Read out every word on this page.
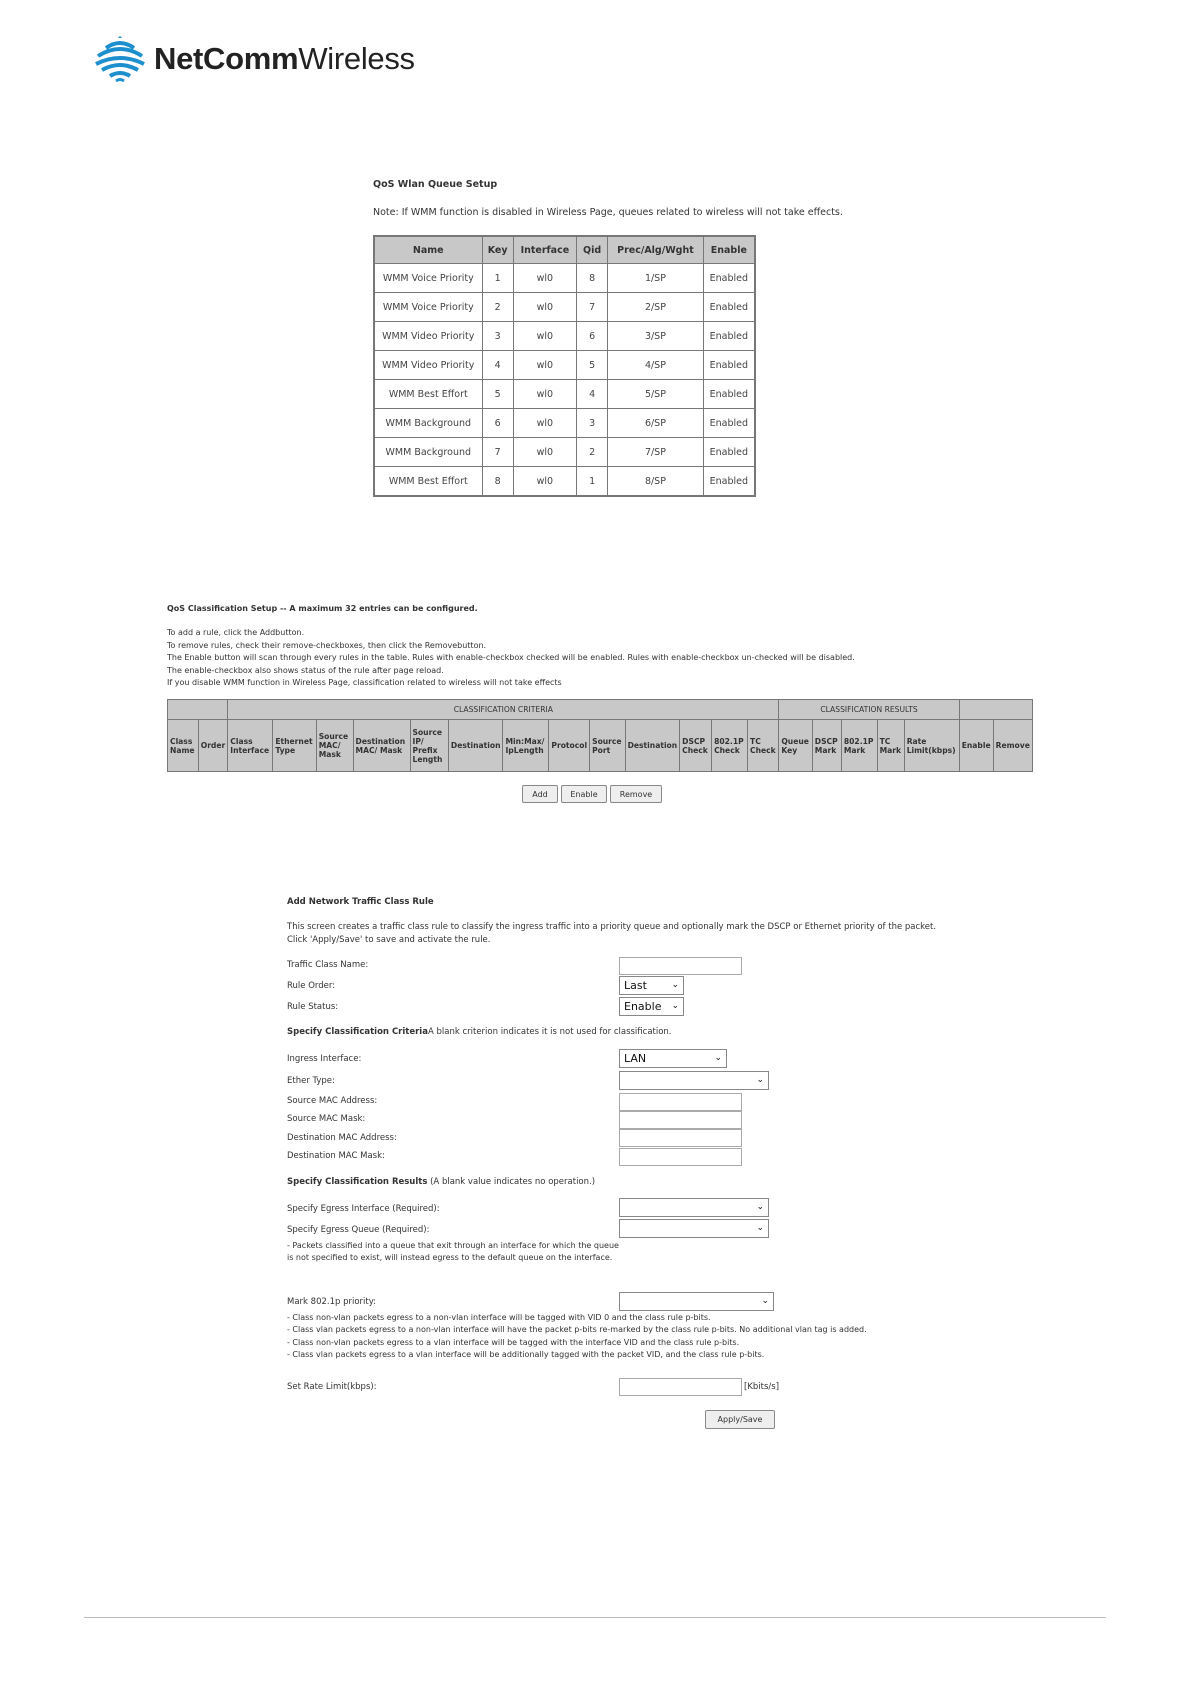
NetCommWireless
QoS Wlan Queue Setup
Note: If WMM function is disabled in Wireless Page, queues related to wireless will not take effects.
Name	Key	Interface	Qid	Prec/Alg/Wght	Enable
WMM Voice Priority	1	wl0	8	1/SP	Enabled
WMM Voice Priority	2	wl0	7	2/SP	Enabled
WMM Video Priority	3	wl0	6	3/SP	Enabled
WMM Video Priority	4	wl0	5	4/SP	Enabled
WMM Best Effort	5	wl0	4	5/SP	Enabled
WMM Background	6	wl0	3	6/SP	Enabled
WMM Background	7	wl0	2	7/SP	Enabled
WMM Best Effort	8	wl0	1	8/SP	Enabled
QoS Classification Setup -- A maximum 32 entries can be configured.
To add a rule, click the Addbutton.
To remove rules, check their remove-checkboxes, then click the Removebutton.
The Enable button will scan through every rules in the table. Rules with enable-checkbox checked will be enabled. Rules with enable-checkbox un-checked will be disabled.
The enable-checkbox also shows status of the rule after page reload.
If you disable WMM function in Wireless Page, classification related to wireless will not take effects
		CLASSIFICATION CRITERIA													CLASSIFICATION RESULTS						
Class Name	Order	Class Interface	Ethernet Type	Source MAC/ Mask	Destination MAC/ Mask	Source IP/ Prefix Length	Destination	Min:Max/ IpLength	Protocol	Source Port	Destination	DSCP Check	802.1P Check	TC Check	Queue Key	DSCP Mark	802.1P Mark	TC Mark	Rate Limit(kbps)	Enable	Remove
Add	Enable	Remove
Add Network Traffic Class Rule
This screen creates a traffic class rule to classify the ingress traffic into a priority queue and optionally mark the DSCP or Ethernet priority of the packet.
Click 'Apply/Save' to save and activate the rule.
Traffic Class Name:
Rule Order:	Last	⌄
Rule Status:	Enable ⌄
Specify Classification CriteriaA blank criterion indicates it is not used for classification.
Ingress Interface:	LAN	⌄
Ether Type:	⌄
Source MAC Address:
Source MAC Mask:
Destination MAC Address:
Destination MAC Mask:
Specify Classification Results (A blank value indicates no operation.)
Specify Egress Interface (Required):	⌄
Specify Egress Queue (Required):	⌄
- Packets classified into a queue that exit through an interface for which the queue
is not specified to exist, will instead egress to the default queue on the interface.
Mark 802.1p priority:	⌄
- Class non-vlan packets egress to a non-vlan interface will be tagged with VID 0 and the class rule p-bits.
- Class vlan packets egress to a non-vlan interface will have the packet p-bits re-marked by the class rule p-bits. No additional vlan tag is added.
- Class non-vlan packets egress to a vlan interface will be tagged with the interface VID and the class rule p-bits.
- Class vlan packets egress to a vlan interface will be additionally tagged with the packet VID, and the class rule p-bits.
Set Rate Limit(kbps):	[Kbits/s]
Apply/Save
